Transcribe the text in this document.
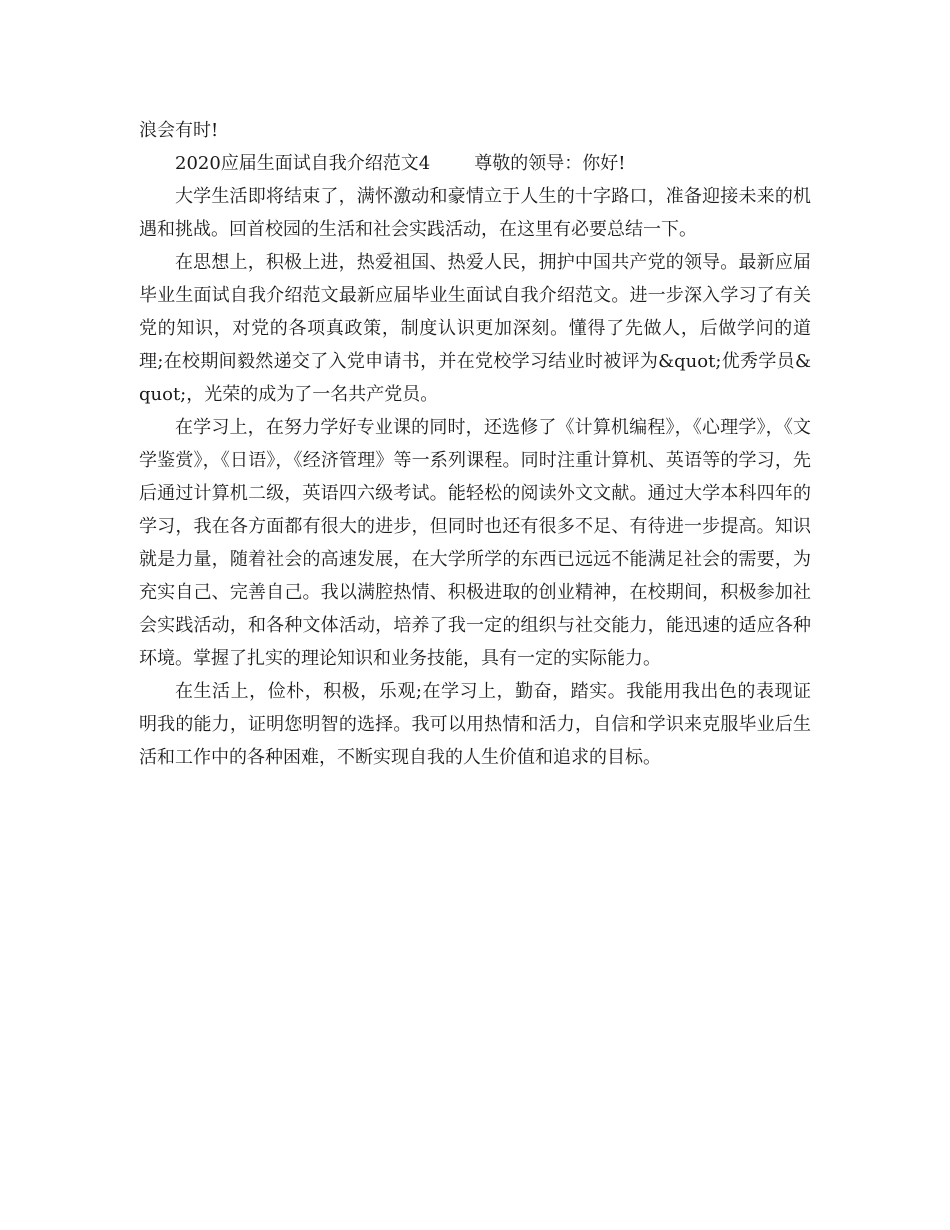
浪会有时!

2020应届生面试自我介绍范文4 尊敬的领导：你好!

大学生活即将结束了，满怀激动和豪情立于人生的十字路口，准备迎接未来的机遇和挑战。回首校园的生活和社会实践活动，在这里有必要总结一下。

在思想上，积极上进，热爱祖国、热爱人民，拥护中国共产党的领导。最新应届毕业生面试自我介绍范文最新应届毕业生面试自我介绍范文。进一步深入学习了有关党的知识，对党的各项真政策，制度认识更加深刻。懂得了先做人，后做学问的道理;在校期间毅然递交了入党申请书，并在党校学习结业时被评为&quot;优秀学员&quot;，光荣的成为了一名共产党员。

在学习上，在努力学好专业课的同时，还选修了《计算机编程》，《心理学》，《文学鉴赏》，《日语》，《经济管理》等一系列课程。同时注重计算机、英语等的学习，先后通过计算机二级，英语四六级考试。能轻松的阅读外文文献。通过大学本科四年的学习，我在各方面都有很大的进步，但同时也还有很多不足、有待进一步提高。知识就是力量，随着社会的高速发展，在大学所学的东西已远远不能满足社会的需要，为充实自己、完善自己。我以满腔热情、积极进取的创业精神，在校期间，积极参加社会实践活动，和各种文体活动，培养了我一定的组织与社交能力，能迅速的适应各种环境。掌握了扎实的理论知识和业务技能，具有一定的实际能力。

在生活上，俭朴，积极，乐观;在学习上，勤奋，踏实。我能用我出色的表现证明我的能力，证明您明智的选择。我可以用热情和活力，自信和学识来克服毕业后生活和工作中的各种困难，不断实现自我的人生价值和追求的目标。
